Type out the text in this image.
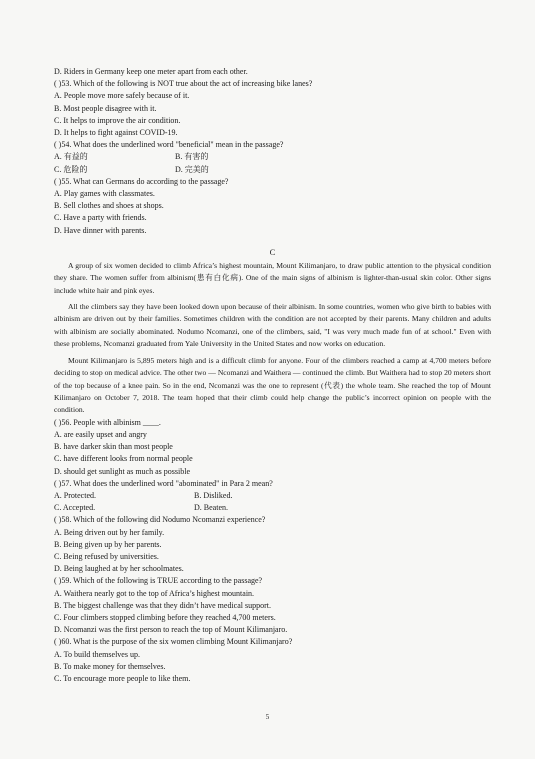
D. Riders in Germany keep one meter apart from each other.
( )53. Which of the following is NOT true about the act of increasing bike lanes?
A. People move more safely because of it.
B. Most people disagree with it.
C. It helps to improve the air condition.
D. It helps to fight against COVID-19.
( )54. What does the underlined word "beneficial" mean in the passage?
A. 有益的	B. 有害的
C. 危险的	D. 完美的
( )55. What can Germans do according to the passage?
A. Play games with classmates.
B. Sell clothes and shoes at shops.
C. Have a party with friends.
D. Have dinner with parents.
C

A group of six women decided to climb Africa’s highest mountain, Mount Kilimanjaro, to draw public attention to the physical condition they share. The women suffer from albinism(患有白化病). One of the main signs of albinism is lighter-than-usual skin color. Other signs include white hair and pink eyes.

All the climbers say they have been looked down upon because of their albinism. In some countries, women who give birth to babies with albinism are driven out by their families. Sometimes children with the condition are not accepted by their parents. Many children and adults with albinism are socially abominated. Nodumo Ncomanzi, one of the climbers, said, "I was very much made fun of at school." Even with these problems, Ncomanzi graduated from Yale University in the United States and now works on education.

Mount Kilimanjaro is 5,895 meters high and is a difficult climb for anyone. Four of the climbers reached a camp at 4,700 meters before deciding to stop on medical advice. The other two — Ncomanzi and Waithera — continued the climb. But Waithera had to stop 20 meters short of the top because of a knee pain. So in the end, Ncomanzi was the one to represent (代表) the whole team. She reached the top of Mount Kilimanjaro on October 7, 2018. The team hoped that their climb could help change the public’s incorrect opinion on people with the condition.

( )56. People with albinism ____.
A. are easily upset and angry
B. have darker skin than most people
C. have different looks from normal people
D. should get sunlight as much as possible
( )57. What does the underlined word "abominated" in Para 2 mean?
A. Protected.	B. Disliked.
C. Accepted.	D. Beaten.
( )58. Which of the following did Nodumo Ncomanzi experience?
A. Being driven out by her family.
B. Being given up by her parents.
C. Being refused by universities.
D. Being laughed at by her schoolmates.
( )59. Which of the following is TRUE according to the passage?
A. Waithera nearly got to the top of Africa’s highest mountain.
B. The biggest challenge was that they didn’t have medical support.
C. Four climbers stopped climbing before they reached 4,700 meters.
D. Ncomanzi was the first person to reach the top of Mount Kilimanjaro.
( )60. What is the purpose of the six women climbing Mount Kilimanjaro?
A. To build themselves up.
B. To make money for themselves.
C. To encourage more people to like them.
5
